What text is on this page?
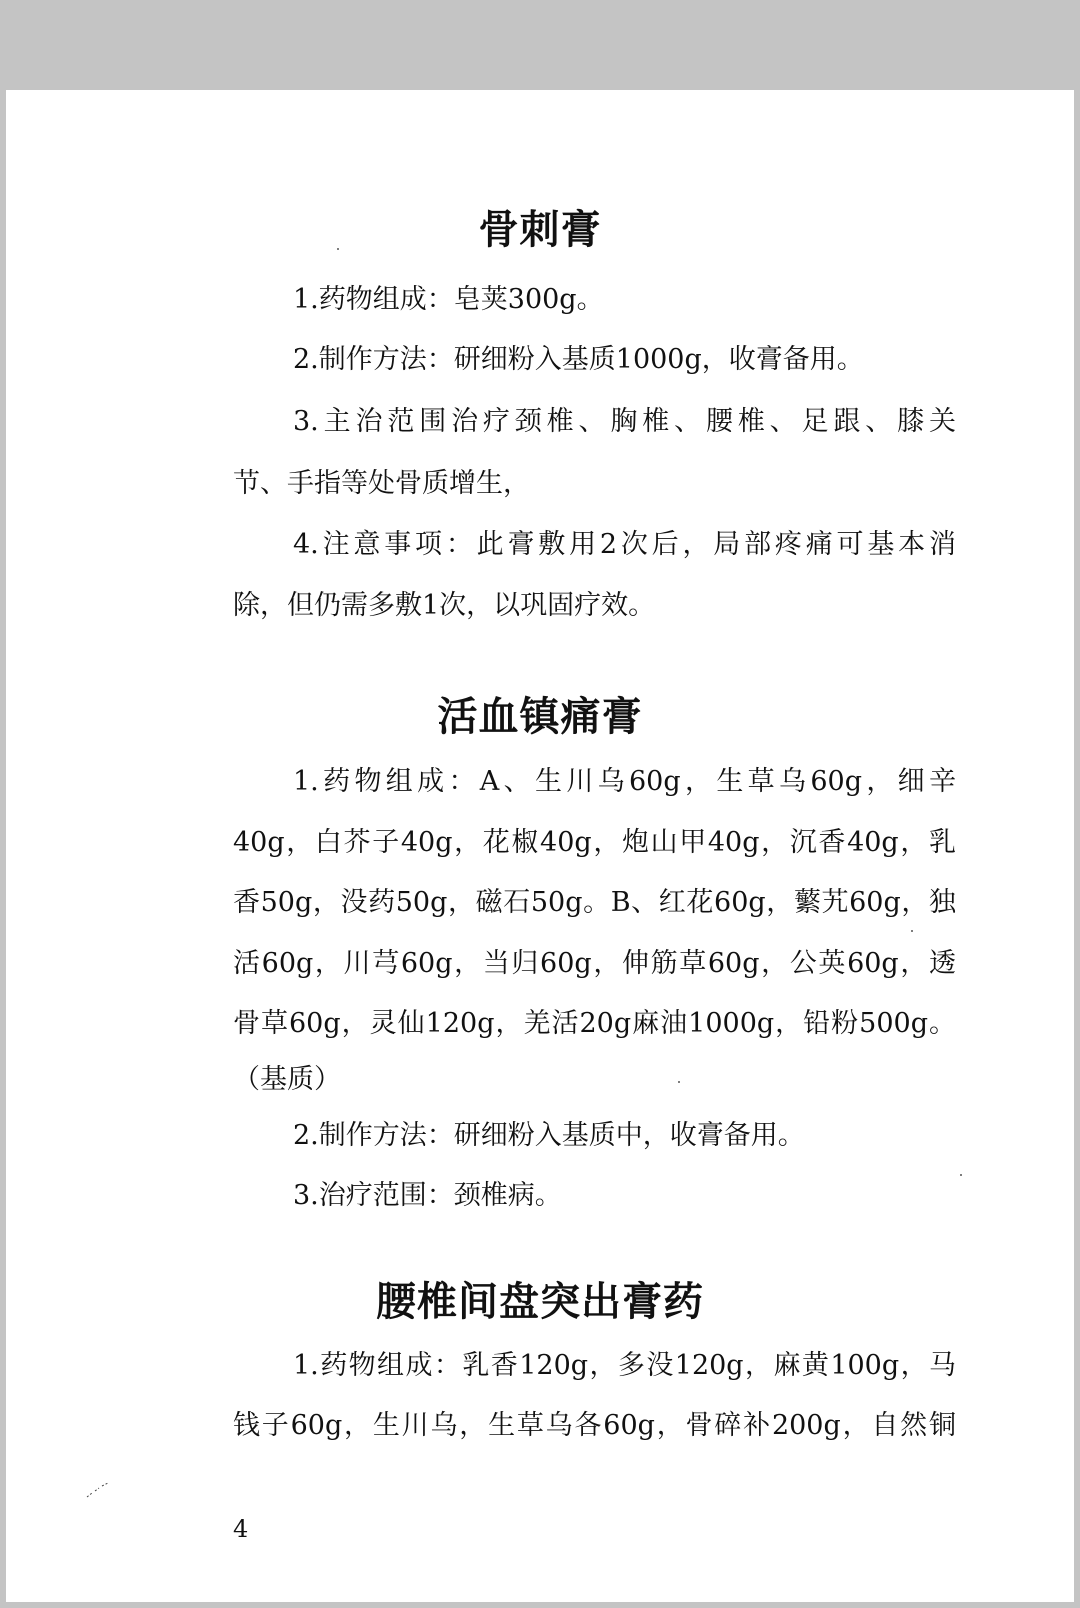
骨刺膏
1.药物组成：皂荚300g。
2.制作方法：研细粉入基质1000g，收膏备用。
3.主治范围治疗颈椎、胸椎、腰椎、足跟、膝关
节、手指等处骨质增生，
4.注意事项：此膏敷用2次后，局部疼痛可基本消
除，但仍需多敷1次，以巩固疗效。
活血镇痛膏
1.药物组成：A、生川乌60g，生草乌60g，细辛
40g，白芥子40g，花椒40g，炮山甲40g，沉香40g，乳
香50g，没药50g，磁石50g。B、红花60g，蘩艽60g，独
活60g，川芎60g，当归60g，伸筋草60g，公英60g，透
骨草60g，灵仙120g，羌活20g麻油1000g，铅粉500g。
（基质）
2.制作方法：研细粉入基质中，收膏备用。
3.治疗范围：颈椎病。
腰椎间盘突出膏药
1.药物组成：乳香120g，多没120g，麻黄100g，马
钱子60g，生川乌，生草乌各60g，骨碎补200g，自然铜
4
